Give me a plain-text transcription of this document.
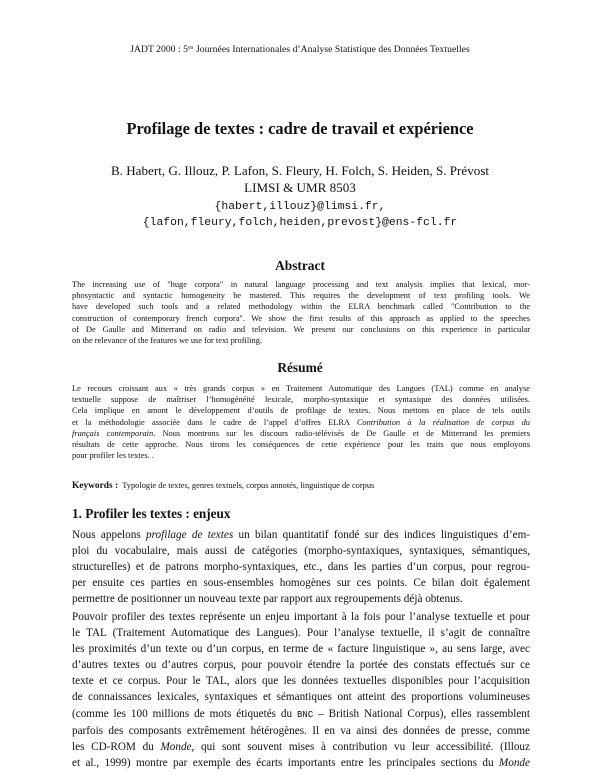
JADT 2000 : $5^{es}$ Journées Internationales d’Analyse Statistique des Données Textuelles
Profilage de textes : cadre de travail et expérience
B. Habert, G. Illouz, P. Lafon, S. Fleury, H. Folch, S. Heiden, S. Prévost
LIMSI & UMR 8503
{habert,illouz}@limsi.fr,
{lafon,fleury,folch,heiden,prevost}@ens-fcl.fr
Abstract
The increasing use of "huge corpora" in natural language processing and text analysis implies that lexical, mor-
phosyntactic and syntactic homogeneity be mastered. This requires the development of text profiling tools. We
have developed such tools and a related methodology within the ELRA benchmark called "Contribution to the
construction of contemporary french corpora". We show the first results of this approach as applied to the speeches
of De Gaulle and Mitterrand on radio and television. We present our conclusions on this experience in particular
on the relevance of the features we use for text profiling.
Résumé
Le recours croissant aux « très grands corpus » en Traitement Automatique des Langues (TAL) comme en analyse
textuelle suppose de maîtriser l’homogénéité lexicale, morpho-syntaxique et syntaxique des données utilisées.
Cela implique en amont le développement d’outils de profilage de textes. Nous mettons en place de tels outils
et la méthodologie associée dans le cadre de l’appel d’offres ELRA Contribution à la réalisation de corpus du
français contemporain. Nous montrons sur les discours radio-télévisés de De Gaulle et de Mitterrand les premiers
résultats de cette approche. Nous tirons les conséquences de cette expérience pour les traits que nous employons
pour profiler les textes. .
Keywords : Typologie de textes, genres textuels, corpus annotés, linguistique de corpus
1. Profiler les textes : enjeux
Nous appelons profilage de textes un bilan quantitatif fondé sur des indices linguistiques d’em-
ploi du vocabulaire, mais aussi de catégories (morpho-syntaxiques, syntaxiques, sémantiques,
structurelles) et de patrons morpho-syntaxiques, etc., dans les parties d’un corpus, pour regrou-
per ensuite ces parties en sous-ensembles homogènes sur ces points. Ce bilan doit également
permettre de positionner un nouveau texte par rapport aux regroupements déjà obtenus.
Pouvoir profiler des textes représente un enjeu important à la fois pour l’analyse textuelle et pour
le TAL (Traitement Automatique des Langues). Pour l’analyse textuelle, il s’agit de connaître
les proximités d’un texte ou d’un corpus, en terme de « facture linguistique », au sens large, avec
d’autres textes ou d’autres corpus, pour pouvoir étendre la portée des constats effectués sur ce
texte et ce corpus. Pour le TAL, alors que les données textuelles disponibles pour l’acquisition
de connaissances lexicales, syntaxiques et sémantiques ont atteint des proportions volumineuses
(comme les 100 millions de mots étiquetés du BNC – British National Corpus), elles rassemblent
parfois des composants extrêmement hétérogènes. Il en va ainsi des données de presse, comme
les CD-ROM du Monde, qui sont souvent mises à contribution vu leur accessibilité. (Illouz
et al., 1999) montre par exemple des écarts importants entre les principales sections du Monde
